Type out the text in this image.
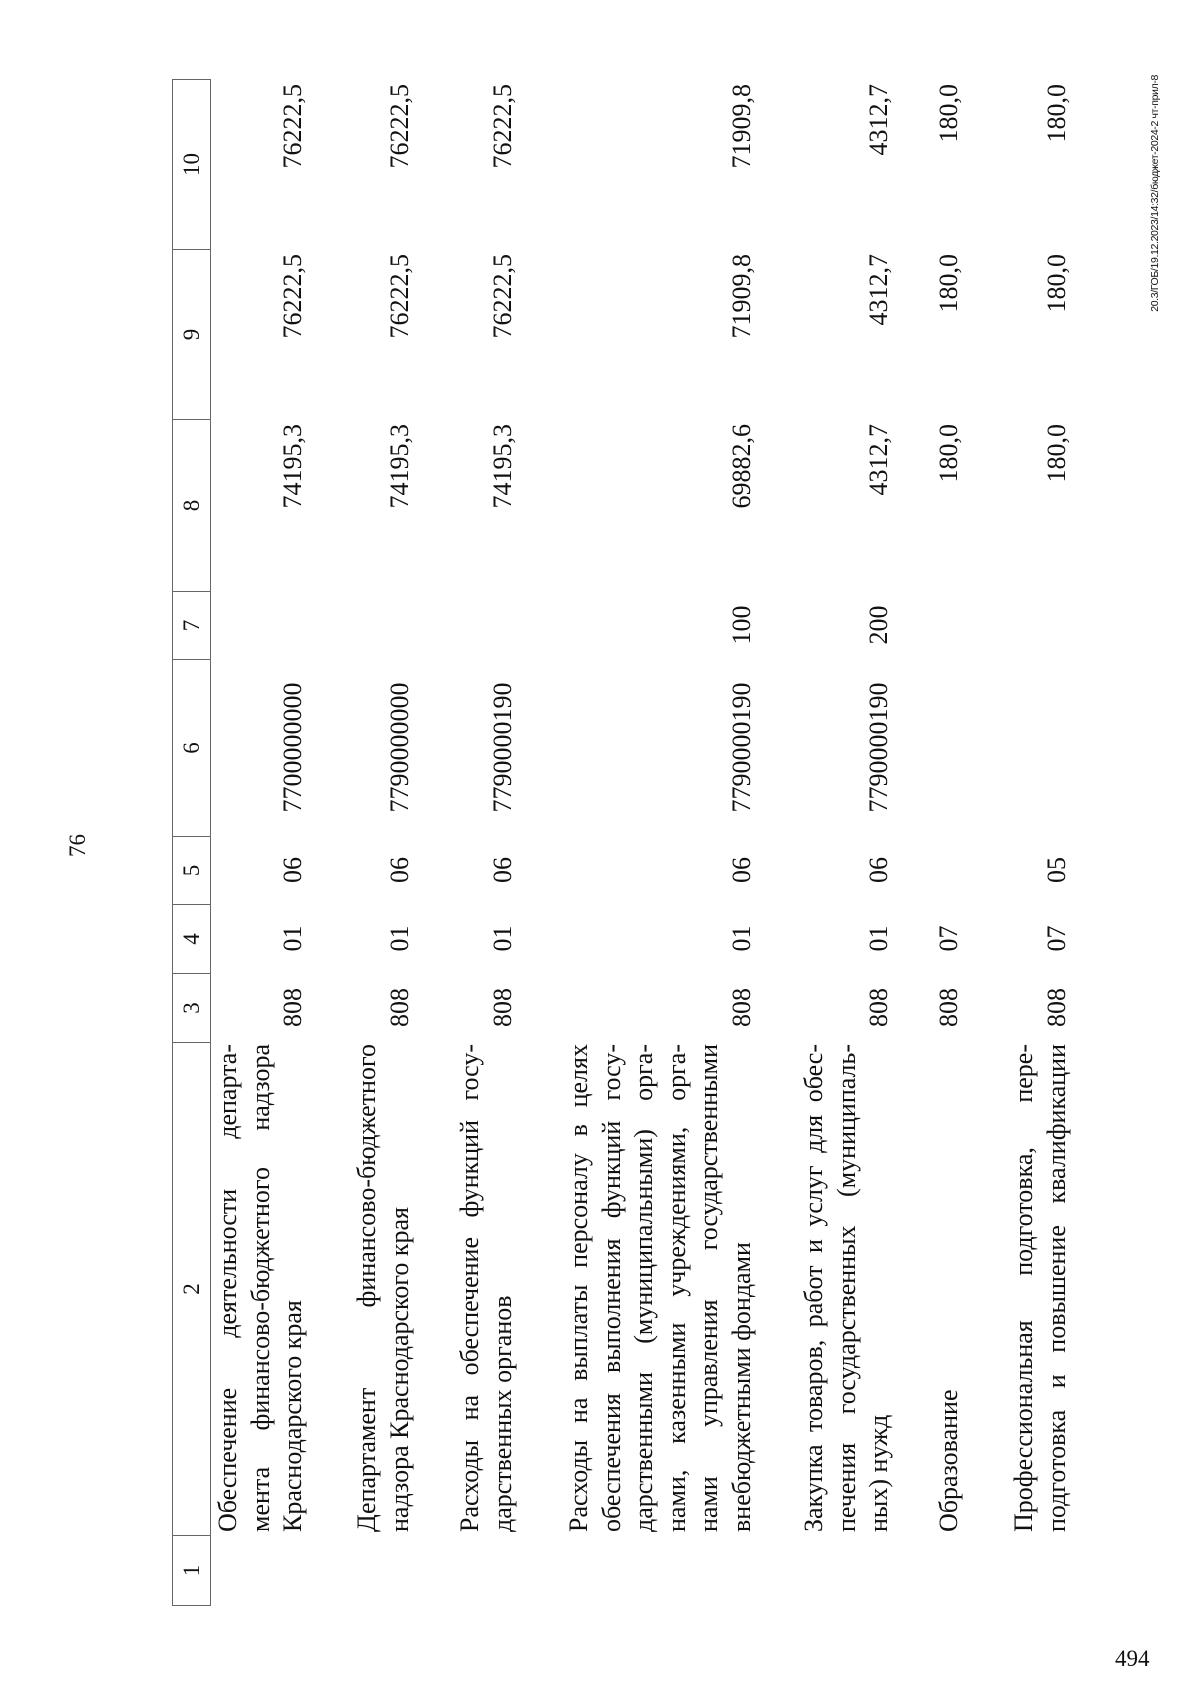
76
1
2
3
4
5
6
7
8
9
10
Обеспечение деятельности департа- мента финансово-бюджетного надзора Краснодарского края
808
01
06
7700000000
74195,3
76222,5
76222,5
Департамент финансово-бюджетного надзора Краснодарского края
808
01
06
7790000000
74195,3
76222,5
76222,5
Расходы на обеспечение функций госу- дарственных органов
808
01
06
7790000190
74195,3
76222,5
76222,5
Расходы на выплаты персоналу в целях обеспечения выполнения функций госу- дарственными (муниципальными) орга- нами, казенными учреждениями, орга- нами управления государственными внебюджетными фондами
808
01
06
7790000190
100
69882,6
71909,8
71909,8
Закупка товаров, работ и услуг для обес- печения государственных (муниципаль- ных) нужд
808
01
06
7790000190
200
4312,7
4312,7
4312,7
Образование
808
07
180,0
180,0
180,0
Профессиональная подготовка, пере- подготовка и повышение квалификации
808
07
05
180,0
180,0
180,0	20.3/ГОБ/19.12.2023/14:32/бюджет-2024-2 чт-прил-8
494
